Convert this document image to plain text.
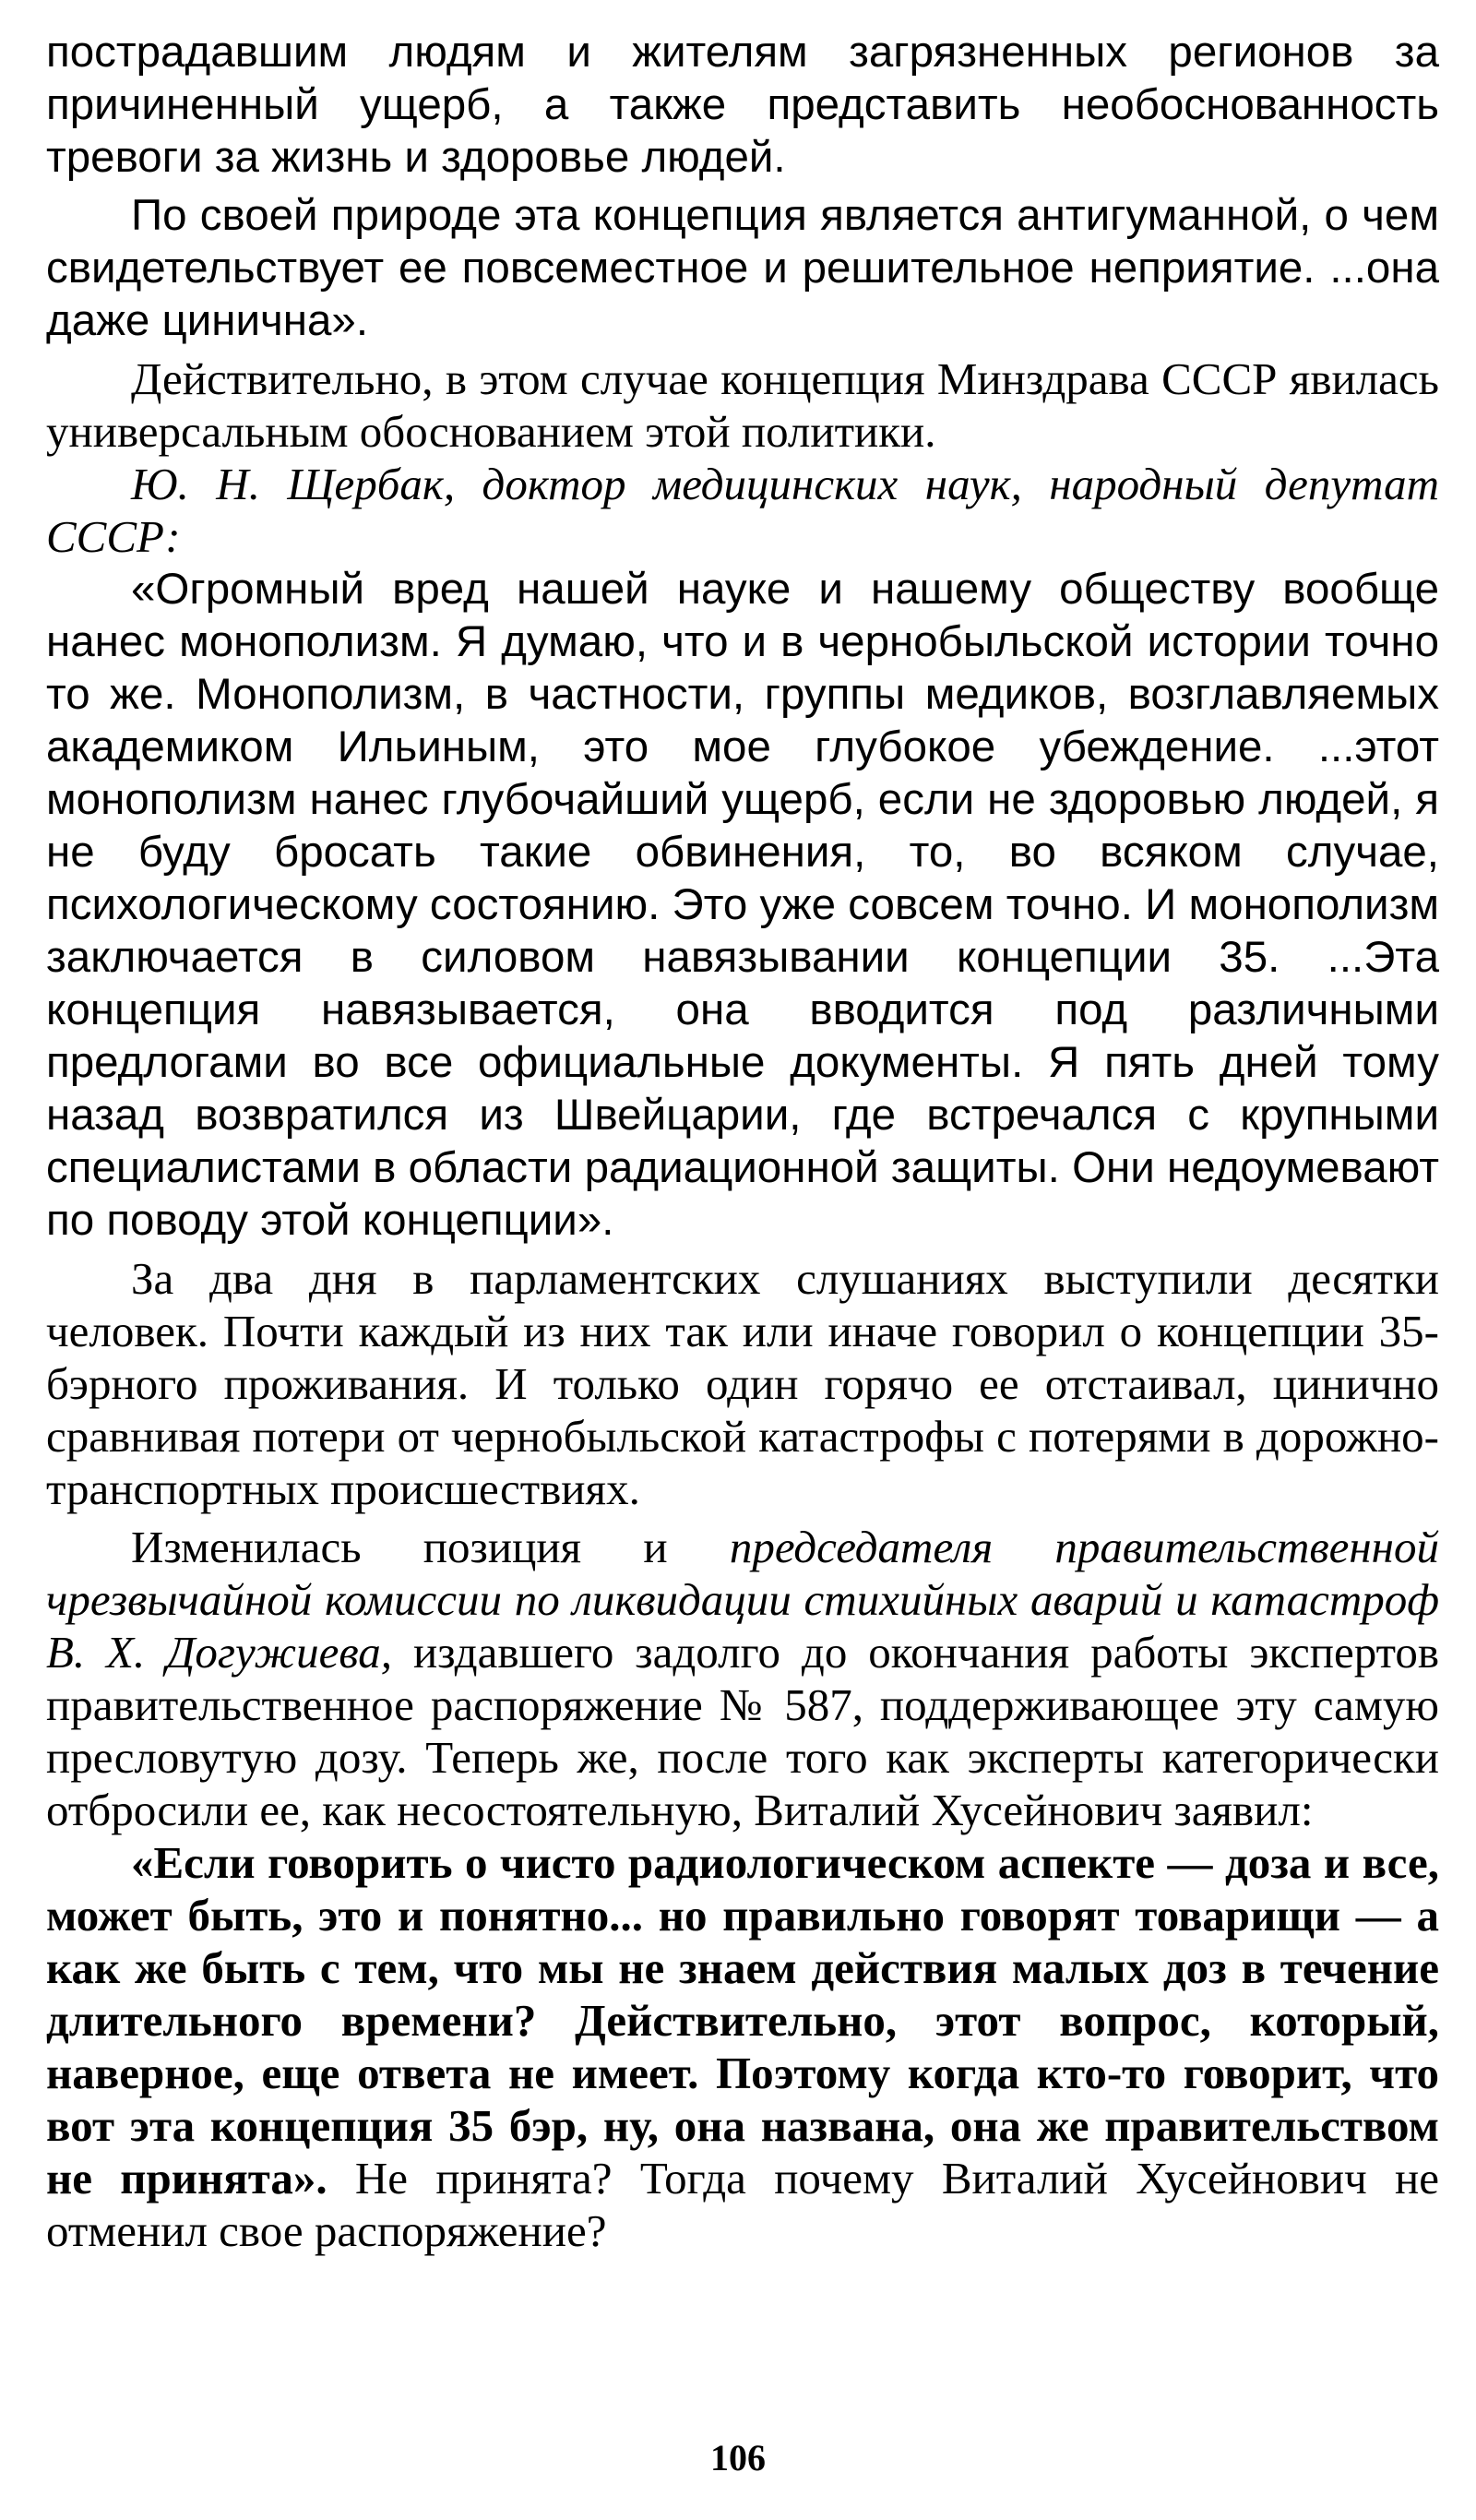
пострадавшим людям и жителям загрязненных регионов за причиненный ущерб, а также представить необоснованность тревоги за жизнь и здоровье людей.

По своей природе эта концепция является антигуманной, о чем свидетельствует ее повсеместное и решительное неприятие. ...она даже цинична».

Действительно, в этом случае концепция Минздрава СССР явилась универсальным обоснованием этой политики.

Ю. Н. Щербак, доктор медицинских наук, народный депутат СССР:

«Огромный вред нашей науке и нашему обществу вообще нанес монополизм. Я думаю, что и в чернобыльской истории точно то же. Монополизм, в частности, группы медиков, возглавляемых академиком Ильиным, это мое глубокое убеждение. ...этот монополизм нанес глубочайший ущерб, если не здоровью людей, я не буду бросать такие обвинения, то, во всяком случае, психологическому состоянию. Это уже совсем точно. И монополизм заключается в силовом навязывании концепции 35. ...Эта концепция навязывается, она вводится под различными предлогами во все официальные документы. Я пять дней тому назад возвратился из Швейцарии, где встречался с крупными специалистами в области радиационной защиты. Они недоумевают по поводу этой концепции».

За два дня в парламентских слушаниях выступили десятки человек. Почти каждый из них так или иначе говорил о концепции 35-бэрного проживания. И только один горячо ее отстаивал, цинично сравнивая потери от чернобыльской катастрофы с потерями в дорожно-транспортных происшествиях.

Изменилась позиция и председателя правительственной чрезвычайной комиссии по ликвидации стихийных аварий и катастроф В. Х. Догужиева, издавшего задолго до окончания работы экспертов правительственное распоряжение № 587, поддерживающее эту самую пресловутую дозу. Теперь же, после того как эксперты категорически отбросили ее, как несостоятельную, Виталий Хусейнович заявил:

«Если говорить о чисто радиологическом аспекте — доза и все, может быть, это и понятно... но правильно говорят товарищи — а как же быть с тем, что мы не знаем действия малых доз в течение длительного времени? Действительно, этот вопрос, который, наверное, еще ответа не имеет. Поэтому когда кто-то говорит, что вот эта концепция 35 бэр, ну, она названа, она же правительством не принята». Не принята? Тогда почему Виталий Хусейнович не отменил свое распоряжение?

106
